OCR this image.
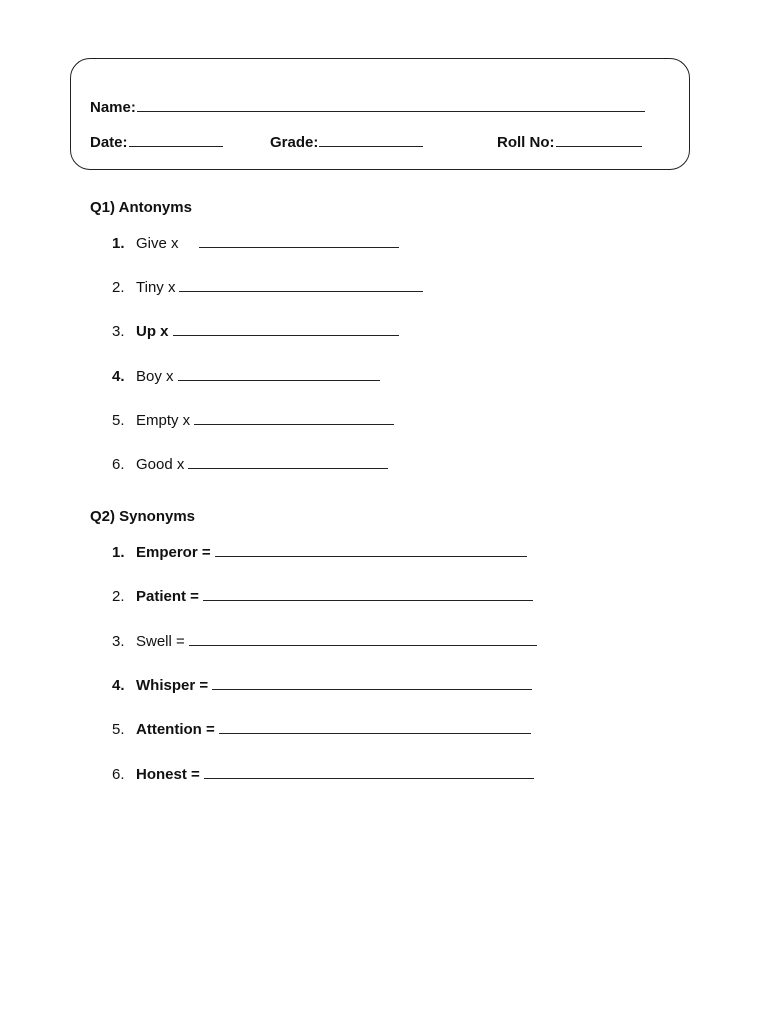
Name:
Date:	Grade:	Roll No:
Q1) Antonyms
1. Give x
2. Tiny x
3. Up x
4. Boy x
5. Empty x
6. Good x
Q2) Synonyms
1. Emperor =
2. Patient =
3. Swell =
4. Whisper =
5. Attention =
6. Honest =
